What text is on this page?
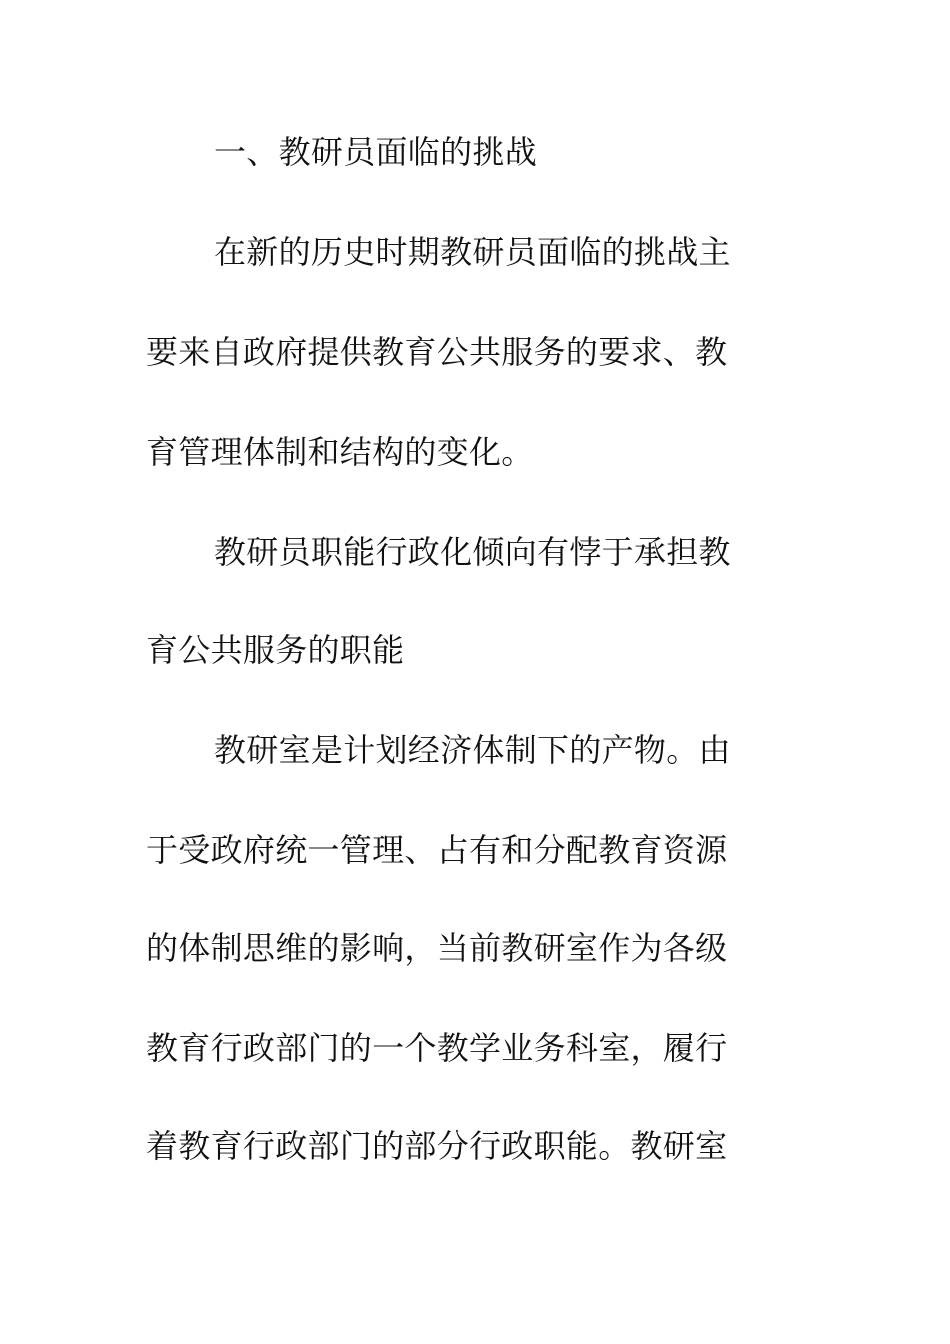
一、教研员面临的挑战
在新的历史时期教研员面临的挑战主
要来自政府提供教育公共服务的要求、教
育管理体制和结构的变化。
教研员职能行政化倾向有悖于承担教
育公共服务的职能
教研室是计划经济体制下的产物。由
于受政府统一管理、占有和分配教育资源
的体制思维的影响，当前教研室作为各级
教育行政部门的一个教学业务科室，履行
着教育行政部门的部分行政职能。教研室
